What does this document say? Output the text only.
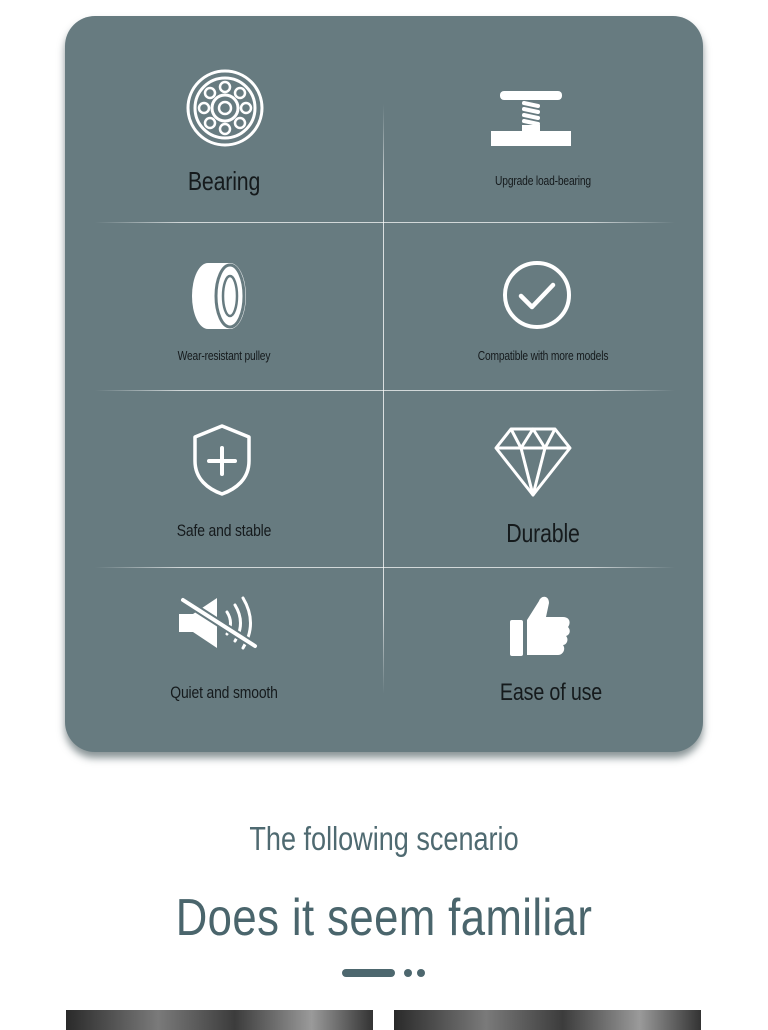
Bearing	Upgrade load-bearing
Wear-resistant pulley	Compatible with more models
Safe and stable	Durable
Quiet and smooth	Ease of use
The following scenario
Does it seem familiar
